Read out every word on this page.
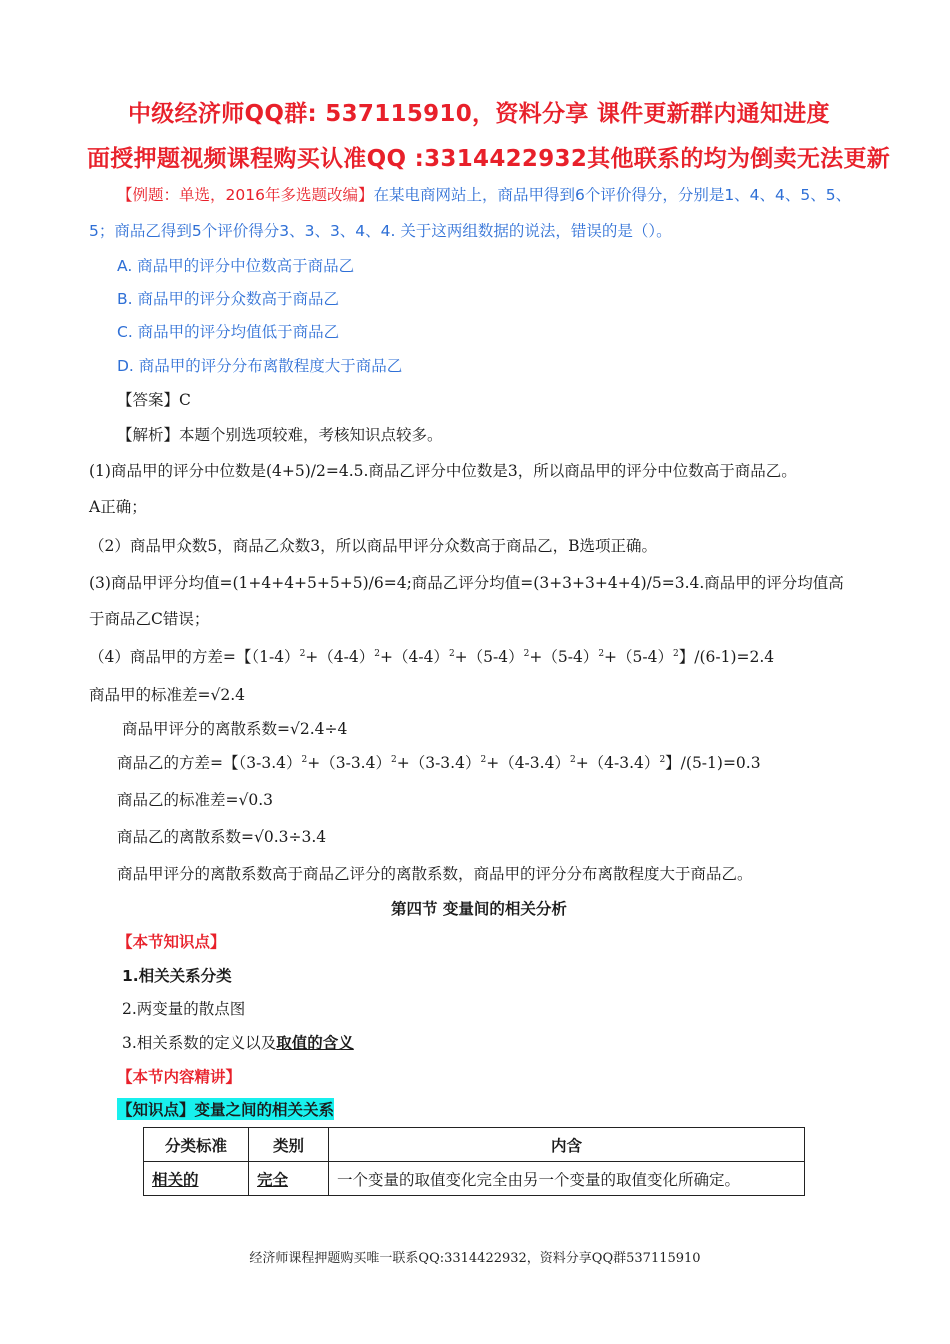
中级经济师QQ群: 537115910，资料分享 课件更新群内通知进度
面授押题视频课程购买认准QQ :3314422932其他联系的均为倒卖无法更新
【例题：单选，2016年多选题改编】在某电商网站上，商品甲得到6个评价得分，分别是1、4、4、5、5、
5；商品乙得到5个评价得分3、3、3、4、4. 关于这两组数据的说法，错误的是（）。
A. 商品甲的评分中位数高于商品乙
B. 商品甲的评分众数高于商品乙
C. 商品甲的评分均值低于商品乙
D. 商品甲的评分分布离散程度大于商品乙
【答案】C
【解析】本题个别选项较难，考核知识点较多。
(1)商品甲的评分中位数是(4+5)/2=4.5.商品乙评分中位数是3，所以商品甲的评分中位数高于商品乙。
A正确；
（2）商品甲众数5，商品乙众数3，所以商品甲评分众数高于商品乙，B选项正确。
(3)商品甲评分均值=(1+4+4+5+5+5)/6=4;商品乙评分均值=(3+3+3+4+4)/5=3.4.商品甲的评分均值高
于商品乙C错误；
（4）商品甲的方差=【$(1-4)^2+(4-4)^2+(4-4)^2+(5-4)^2+(5-4)^2+(5-4)^2$】/(6-1)=2.4
商品甲的标准差=√2.4
商品甲评分的离散系数=√2.4÷4
商品乙的方差=【$(3-3.4)^2+(3-3.4)^2+(3-3.4)^2+(4-3.4)^2+(4-3.4)^2$】/(5-1)=0.3
商品乙的标准差=√0.3
商品乙的离散系数=√0.3÷3.4
商品甲评分的离散系数高于商品乙评分的离散系数，商品甲的评分分布离散程度大于商品乙。
第四节 变量间的相关分析
【本节知识点】
1.相关关系分类
2.两变量的散点图
3.相关系数的定义以及取值的含义
【本节内容精讲】
【知识点】变量之间的相关关系
分类标准	类别	内含
相关的	完全	一个变量的取值变化完全由另一个变量的取值变化所确定。
经济师课程押题购买唯一联系QQ:3314422932，资料分享QQ群537115910
